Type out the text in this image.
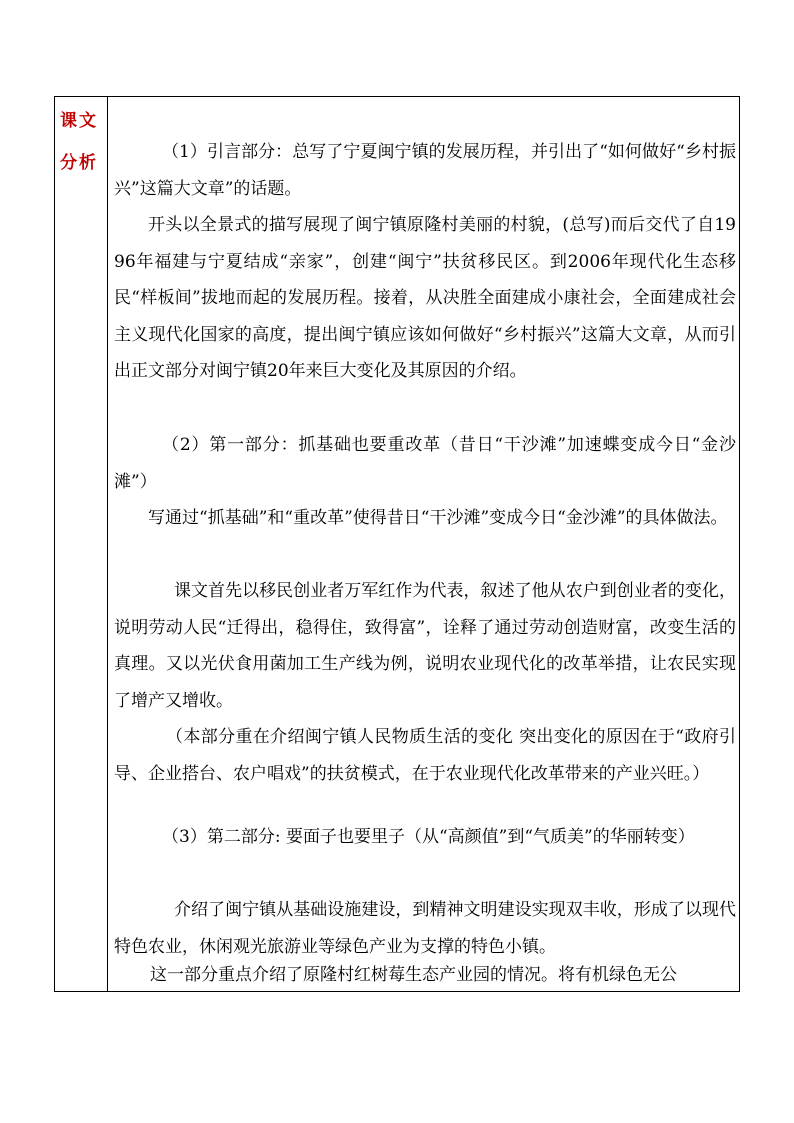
课文
分析

（1）引言部分：总写了宁夏闽宁镇的发展历程，并引出了“如何做好“乡村振兴”这篇大文章”的话题。

开头以全景式的描写展现了闽宁镇原隆村美丽的村貌，(总写)而后交代了自1996年福建与宁夏结成“亲家”，创建“闽宁”扶贫移民区。到2006年现代化生态移民“样板间”拔地而起的发展历程。接着，从决胜全面建成小康社会，全面建成社会主义现代化国家的高度，提出闽宁镇应该如何做好“乡村振兴”这篇大文章，从而引出正文部分对闽宁镇20年来巨大变化及其原因的介绍。

（2）第一部分：抓基础也要重改革（昔日“干沙滩”加速蝶变成今日“金沙滩”）

写通过“抓基础”和“重改革”使得昔日“干沙滩”变成今日“金沙滩”的具体做法。

课文首先以移民创业者万军红作为代表，叙述了他从农户到创业者的变化，说明劳动人民“迁得出，稳得住，致得富”，诠释了通过劳动创造财富，改变生活的真理。又以光伏食用菌加工生产线为例，说明农业现代化的改革举措，让农民实现了增产又增收。

（本部分重在介绍闽宁镇人民物质生活的变化 突出变化的原因在于“政府引导、企业搭台、农户唱戏”的扶贫模式，在于农业现代化改革带来的产业兴旺。）

（3）第二部分: 要面子也要里子（从“高颜值”到“气质美”的华丽转变）

介绍了闽宁镇从基础设施建设，到精神文明建设实现双丰收，形成了以现代特色农业，休闲观光旅游业等绿色产业为支撑的特色小镇。

这一部分重点介绍了原隆村红树莓生态产业园的情况。将有机绿色无公
